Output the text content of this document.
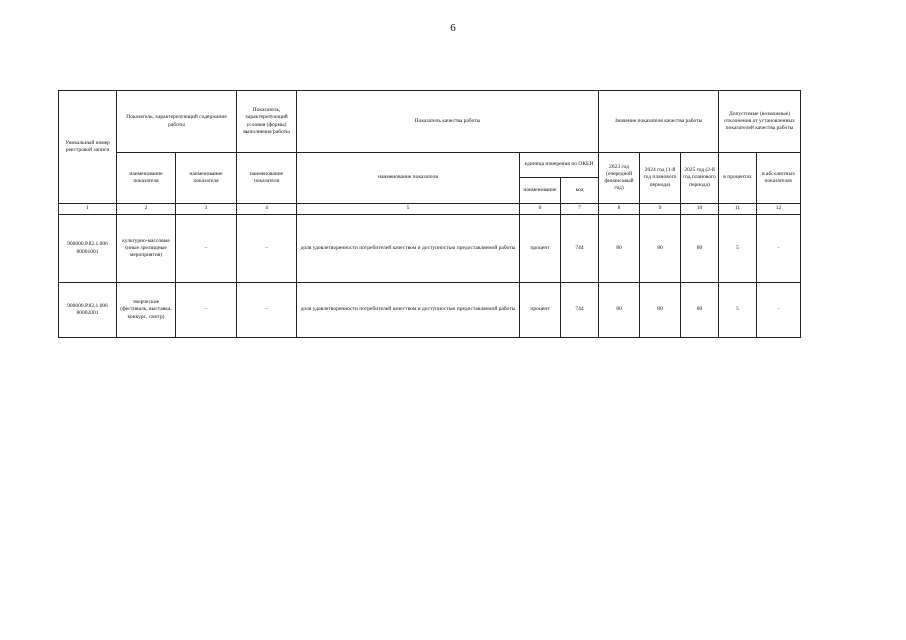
6
Уникальный номер реестровой записи	Показатель, характеризующий содержание работы		Показатель, характеризующий условия (формы) выполнения работы	Показатель качества работы			Значение показателя качества работы			Допустимые (возможные) отклонения от установленных показателей качества работы	
	наименование показателя	наименование показателя	наименование показателя	наименование показателя	единица измерения по ОКЕИ		2023 год (очередной финансовый год)	2024 год (1-й год планового периода)	2025 год (2-й год планового периода)	в процентах	в абсолютных показателях
					наименование	код					
1	2	3	4	5	6	7	8	9	10	11	12
900000.Р.82.1.006 80001001	культурно-массовые (иные зрелищные мероприятия)	–	–	доля удовлетворенности потребителей качеством и доступностью предоставляемой работы	процент	744	80	80	80	5	-
900000.Р.82.1.006 80002001	творческие (фестиваль, выставка, конкурс, смотр)	–	–	доля удовлетворенности потребителей качеством и доступностью предоставляемой работы	процент	744	80	80	80	5	-
